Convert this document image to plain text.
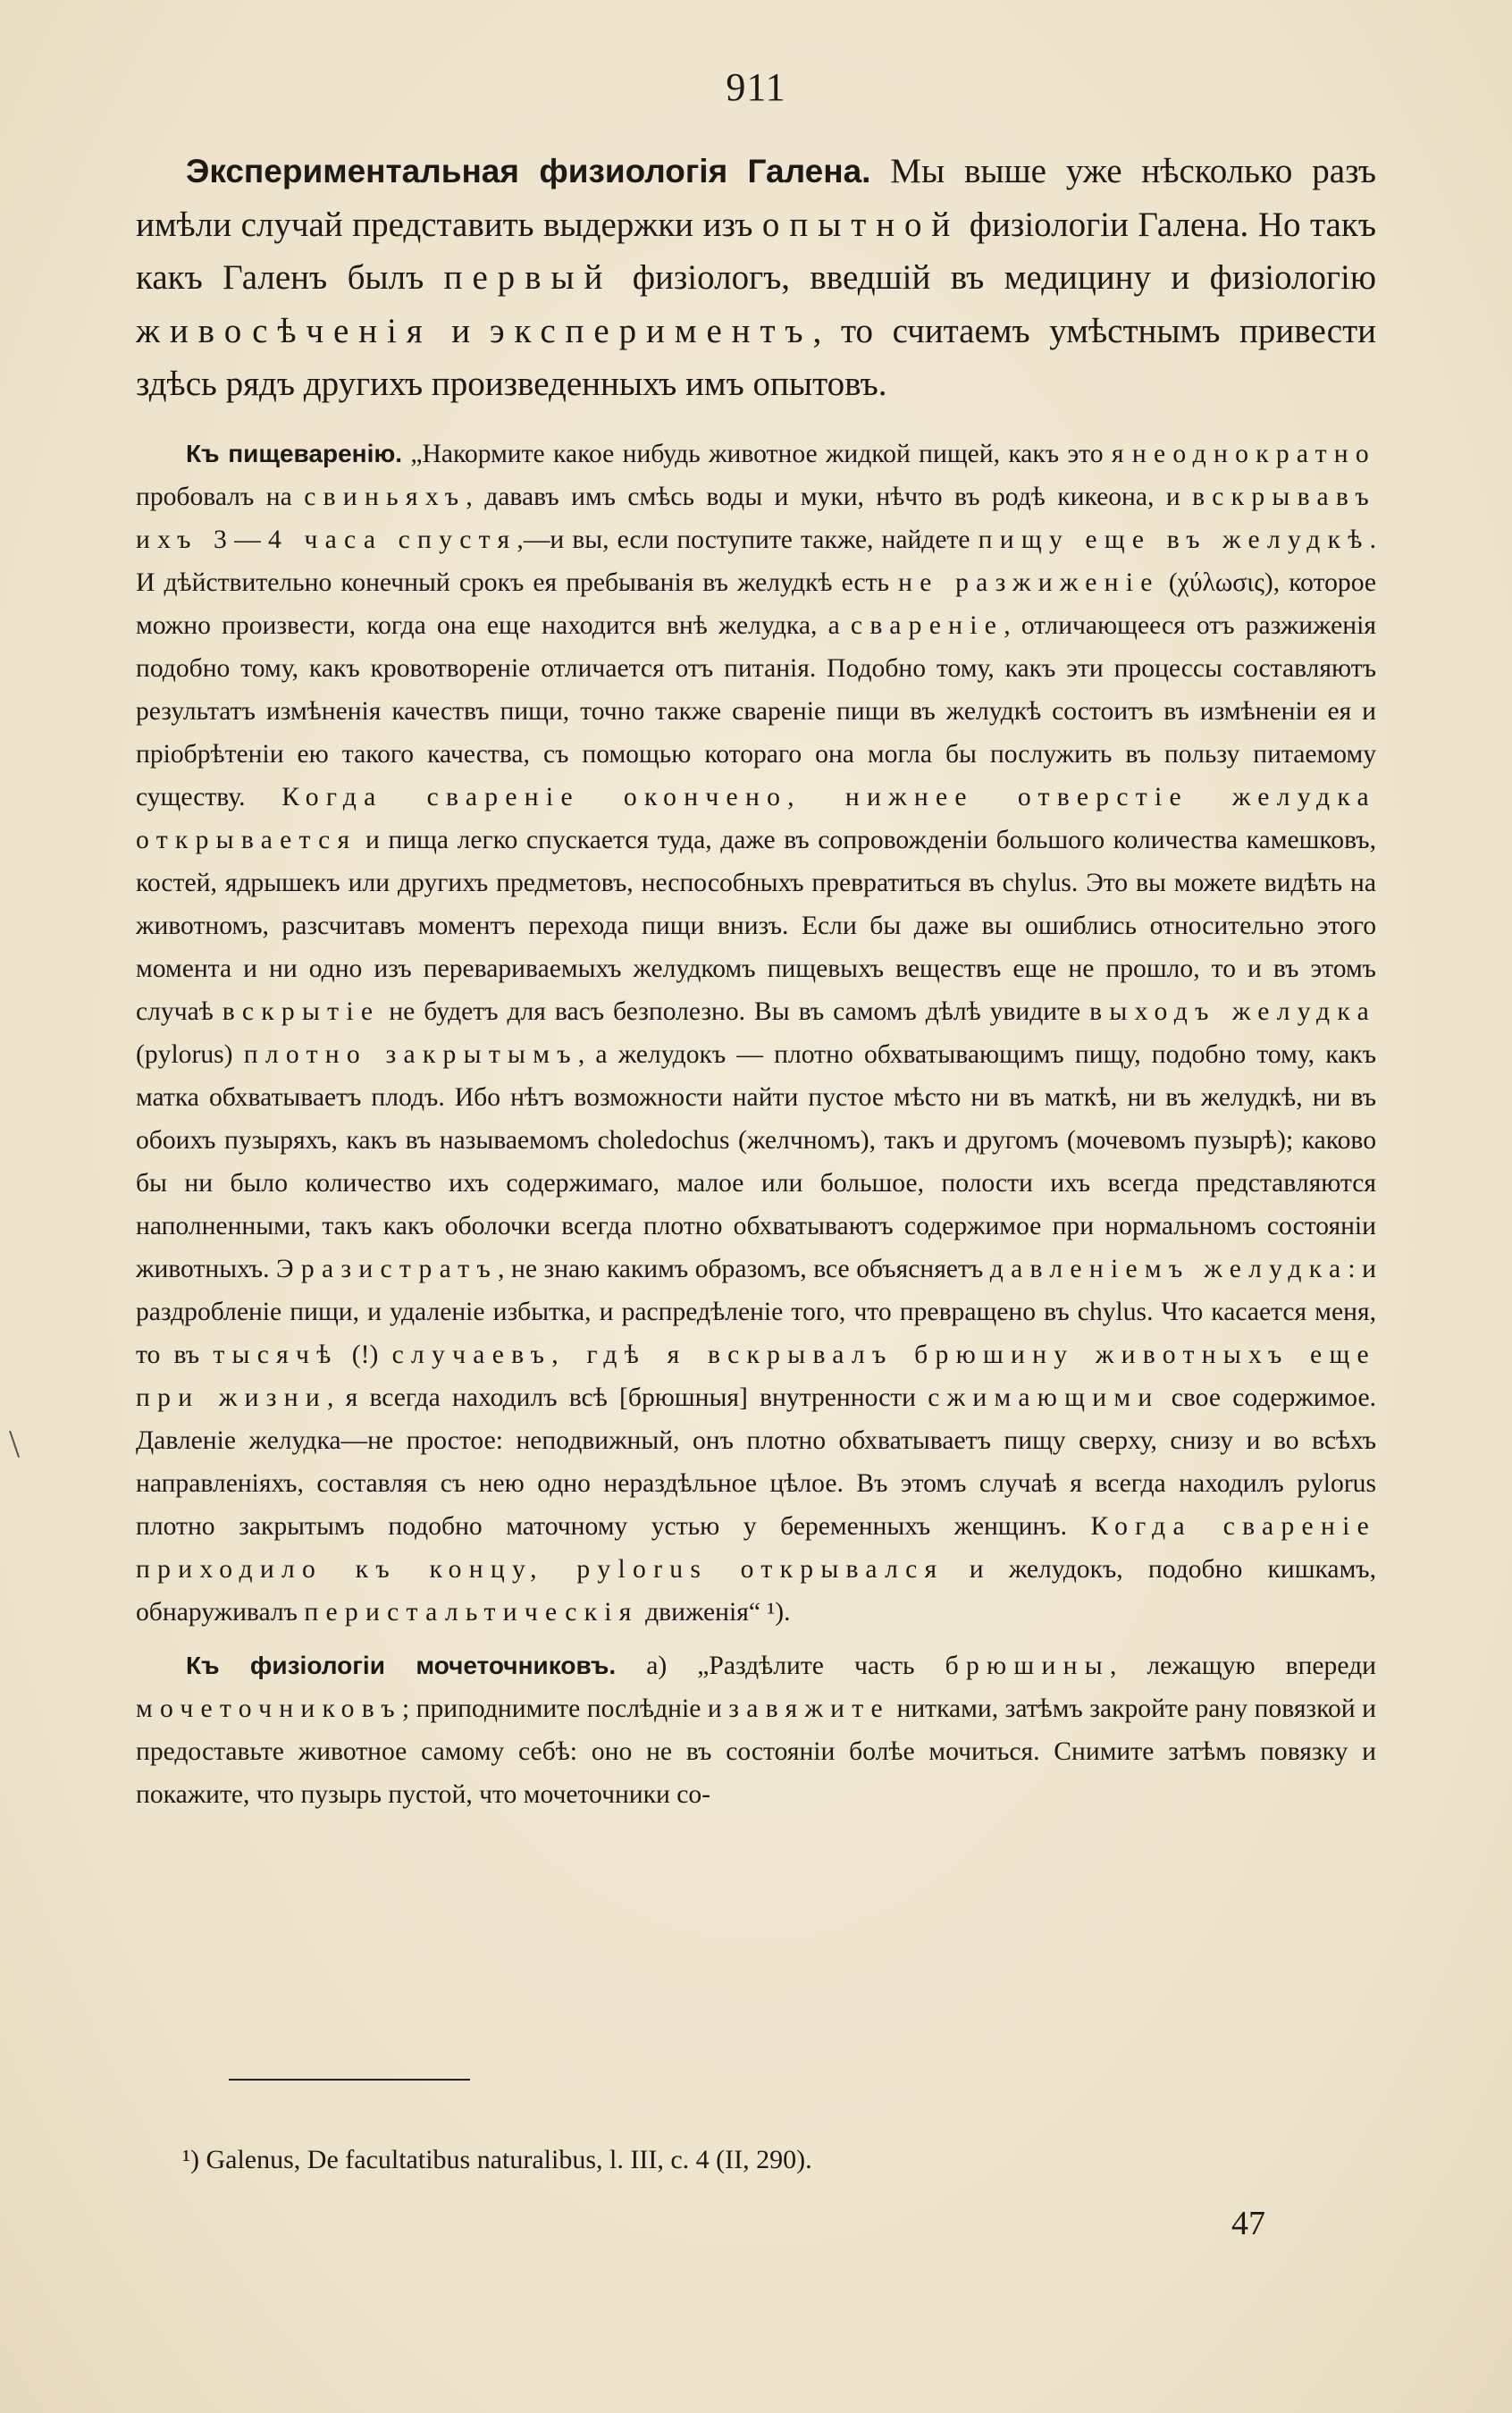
911
\

Экспериментальная физиологія Галена. Мы выше уже нѣсколько разъ имѣли случай представить выдержки изъ опытной физіологіи Галена. Но такъ какъ Галенъ былъ первый физіологъ, введшій въ медицину и физіологію живосѣченія и экспериментъ, то считаемъ умѣстнымъ привести здѣсь рядъ другихъ произведенныхъ имъ опытовъ.

Къ пищеваренію. „Накормите какое нибудь животное жидкой пищей, какъ это я неоднократно пробовалъ на свиньяхъ, дававъ имъ смѣсь воды и муки, нѣчто въ родѣ кикеона, и вскрывавъ ихъ 3—4 часа спустя,—и вы, если поступите также, найдете пищу еще въ желудкѣ. И дѣйствительно конечный срокъ ея пребыванія въ желудкѣ есть не разжиженіе (χύλωσις), которое можно произвести, когда она еще находится внѣ желудка, а свареніе, отличающееся отъ разжиженія подобно тому, какъ кровотвореніе отличается отъ питанія. Подобно тому, какъ эти процессы составляютъ результатъ измѣненія качествъ пищи, точно также свареніе пищи въ желудкѣ состоитъ въ измѣненіи ея и пріобрѣтеніи ею такого качества, съ помощью котораго она могла бы послужить въ пользу питаемому существу. Когда свареніе окончено, нижнее отверстіе желудка открывается и пища легко спускается туда, даже въ сопровожденіи большого количества камешковъ, костей, ядрышекъ или другихъ предметовъ, неспособныхъ превратиться въ chylus. Это вы можете видѣть на животномъ, разсчитавъ моментъ перехода пищи внизъ. Если бы даже вы ошиблись относительно этого момента и ни одно изъ перевариваемыхъ желудкомъ пищевыхъ веществъ еще не прошло, то и въ этомъ случаѣ вскрытіе не будетъ для васъ безполезно. Вы въ самомъ дѣлѣ увидите выходъ желудка (pylorus) плотно закрытымъ, а желудокъ — плотно обхватывающимъ пищу, подобно тому, какъ матка обхватываетъ плодъ. Ибо нѣтъ возможности найти пустое мѣсто ни въ маткѣ, ни въ желудкѣ, ни въ обоихъ пузыряхъ, какъ въ называемомъ choledochus (желчномъ), такъ и другомъ (мочевомъ пузырѣ); каково бы ни было количество ихъ содержимаго, малое или большое, полости ихъ всегда представляются наполненными, такъ какъ оболочки всегда плотно обхватываютъ содержимое при нормальномъ состояніи животныхъ. Эразистратъ, не знаю какимъ образомъ, все объясняетъ давленіемъ желудка: и раздробленіе пищи, и удаленіе избытка, и распредѣленіе того, что превращено въ chylus. Что касается меня, то въ тысячѣ (!) случаевъ, гдѣ я вскрывалъ брюшину животныхъ еще при жизни, я всегда находилъ всѣ [брюшныя] внутренности сжимающими свое содержимое. Давленіе желудка—не простое: неподвижный, онъ плотно обхватываетъ пищу сверху, снизу и во всѣхъ направленіяхъ, составляя съ нею одно нераздѣльное цѣлое. Въ этомъ случаѣ я всегда находилъ pylorus плотно закрытымъ подобно маточному устью у беременныхъ женщинъ. Когда свареніе приходило къ концу, pylorus открывался и желудокъ, подобно кишкамъ, обнаруживалъ перистальтическія движенія“ ¹).

Къ физіологіи мочеточниковъ. а) „Раздѣлите часть брюшины, лежащую впереди мочеточниковъ; приподнимите послѣдніе и завяжите нитками, затѣмъ закройте рану повязкой и предоставьте животное самому себѣ: оно не въ состояніи болѣе мочиться. Снимите затѣмъ повязку и покажите, что пузырь пустой, что мочеточники со-

¹) Galenus, De facultatibus naturalibus, l. III, c. 4 (II, 290).
47
